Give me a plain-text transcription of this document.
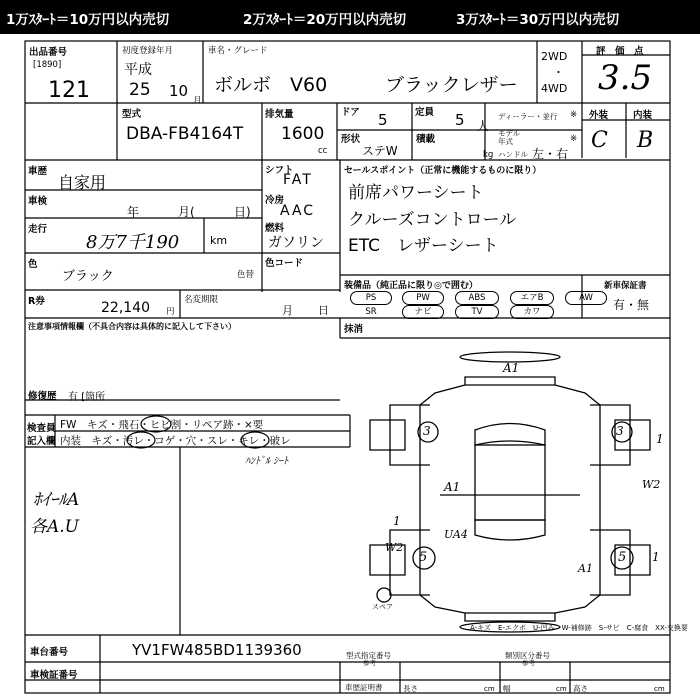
1万ｽﾀｰﾄ＝10万円以内売切	2万ｽﾀｰﾄ＝20万円以内売切	3万ｽﾀｰﾄ＝30万円以内売切
出品番号
[1890]
121
初度登録年月
平成
25 10
月
車名・グレード
ボルボ　V60	ブラックレザー
2WD
・
4WD
評　価　点
3.5
型式
DBA-FB4164T
排気量
1600
cc
ドア 5	定員 5 人
ディーラー・並行 ※
形状
ステW
積載
kg
モデル年式	※
ハンドル 左・右
外装	内装
C B
車歴
自家用
車検
年	月(	日)
走行
8万7千190	km
色
ブラック	色替
R券	22,140 円
名変期限
月 日
シフト
FAT
冷房
AAC
燃料
ガソリン
色コード
セールスポイント（正常に機能するものに限り）
前席パワーシート
クルーズコントロール
ETC　レザーシート
装備品（純正品に限り◎で囲む）
PS	PW	ABS	エアB	AW
SR	ナビ	TV	カワ
新車保証書
有・無
抹消
注意事項情報欄（不具合内容は具体的に記入して下さい）
修復歴 有 [箇所
検査員
記入欄
FW　キズ・飛石・ヒビ割・リペア跡・×要
内装　キズ・汚レ・コゲ・穴・スレ・キレ・破レ
ﾊﾝﾄﾞﾙ ｼｰﾄ
ﾎｲｰﾙA
各A.U
A1
3	3
1
W2
A1
UA4
1
W2
5	5
A1
1
スペア
A-キズ　E-エクボ　U-凹み　W-補修跡　S-サビ　C-腐食　XX-交換要
車台番号	YV1FW485BD1139360
車検証番号
型式指定番号
参考
類別区分番号
参考
車歴証明書	長さ	cm 幅	cm 高さ	cm
